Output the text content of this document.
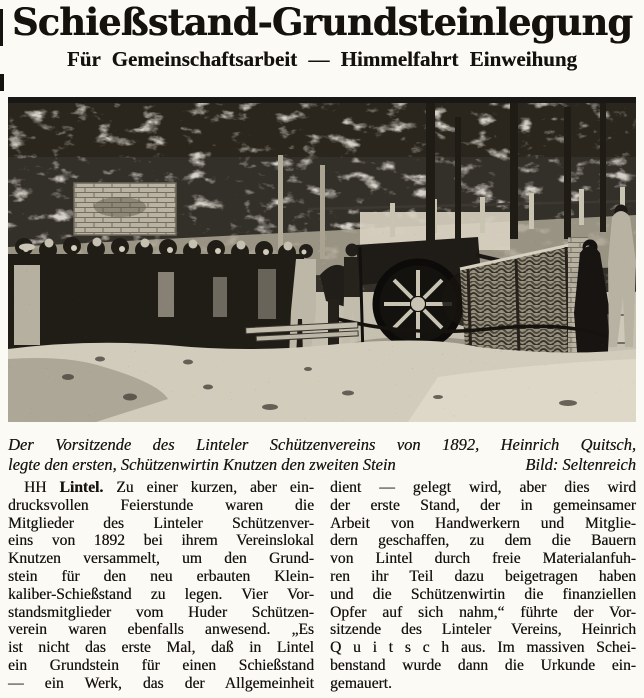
Schießstand-Grundsteinlegung
Für Gemeinschaftsarbeit — Himmelfahrt Einweihung
Der Vorsitzende des Linteler Schützenvereins von 1892, Heinrich Quitsch,
legte den ersten, Schützenwirtin Knutzen den zweiten Stein	Bild: Seltenreich
HH Lintel. Zu einer kurzen, aber ein-
drucksvollen Feierstunde waren die
Mitglieder des Linteler Schützenver-
eins von 1892 bei ihrem Vereinslokal
Knutzen versammelt, um den Grund-
stein für den neu erbauten Klein-
kaliber-Schießstand zu legen. Vier Vor-
standsmitglieder vom Huder Schützen-
verein waren ebenfalls anwesend. „Es
ist nicht das erste Mal, daß in Lintel
ein Grundstein für einen Schießstand
— ein Werk, das der Allgemeinheit
dient — gelegt wird, aber dies wird
der erste Stand, der in gemeinsamer
Arbeit von Handwerkern und Mitglie-
dern geschaffen, zu dem die Bauern
von Lintel durch freie Materialanfuh-
ren ihr Teil dazu beigetragen haben
und die Schützenwirtin die finanziellen
Opfer auf sich nahm,“ führte der Vor-
sitzende des Linteler Vereins, Heinrich
Q u i t s c h aus. Im massiven Schei-
benstand wurde dann die Urkunde ein-
gemauert.
